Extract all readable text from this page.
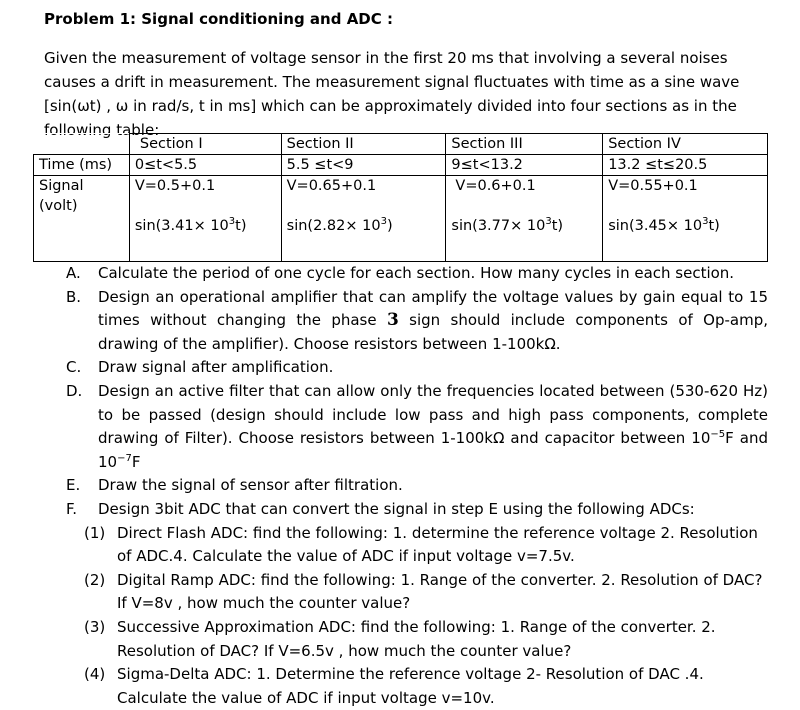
Problem 1: Signal conditioning and ADC :
Given the measurement of voltage sensor in the first 20 ms that involving a several noises causes a drift in measurement. The measurement signal fluctuates with time as a sine wave [sin(ωt) , ω in rad/s, t in ms] which can be approximately divided into four sections as in the following table:
	Section I	Section II	Section III	Section IV
Time (ms)	0≤t<5.5	5.5 ≤t<9	9≤t<13.2	13.2 ≤t≤20.5
Signal (volt)	V=0.5+0.1	V=0.65+0.1	V=0.6+0.1	V=0.55+0.1
	$\sin(3.41\times 10^3t)$	$\sin(2.82\times 10^3)$	$\sin(3.77\times 10^3t)$	$\sin(3.45\times 10^3t)$
A. Calculate the period of one cycle for each section. How many cycles in each section.
B. Design an operational amplifier that can amplify the voltage values by gain equal to 15 times without changing the phase 3 sign should include components of Op-amp, drawing of the amplifier). Choose resistors between 1-100kΩ.
C. Draw signal after amplification.
D. Design an active filter that can allow only the frequencies located between (530-620 Hz) to be passed (design should include low pass and high pass components, complete drawing of Filter). Choose resistors between 1-100kΩ and capacitor between $10^{-5}F$ and $10^{-7}F$
E. Draw the signal of sensor after filtration.
F. Design 3bit ADC that can convert the signal in step E using the following ADCs:
(1) Direct Flash ADC: find the following: 1. determine the reference voltage 2. Resolution of ADC.4. Calculate the value of ADC if input voltage v=7.5v.
(2) Digital Ramp ADC: find the following: 1. Range of the converter. 2. Resolution of DAC? If V=8v , how much the counter value?
(3) Successive Approximation ADC: find the following: 1. Range of the converter. 2. Resolution of DAC? If V=6.5v , how much the counter value?
(4) Sigma-Delta ADC: 1. Determine the reference voltage 2- Resolution of DAC .4. Calculate the value of ADC if input voltage v=10v.
